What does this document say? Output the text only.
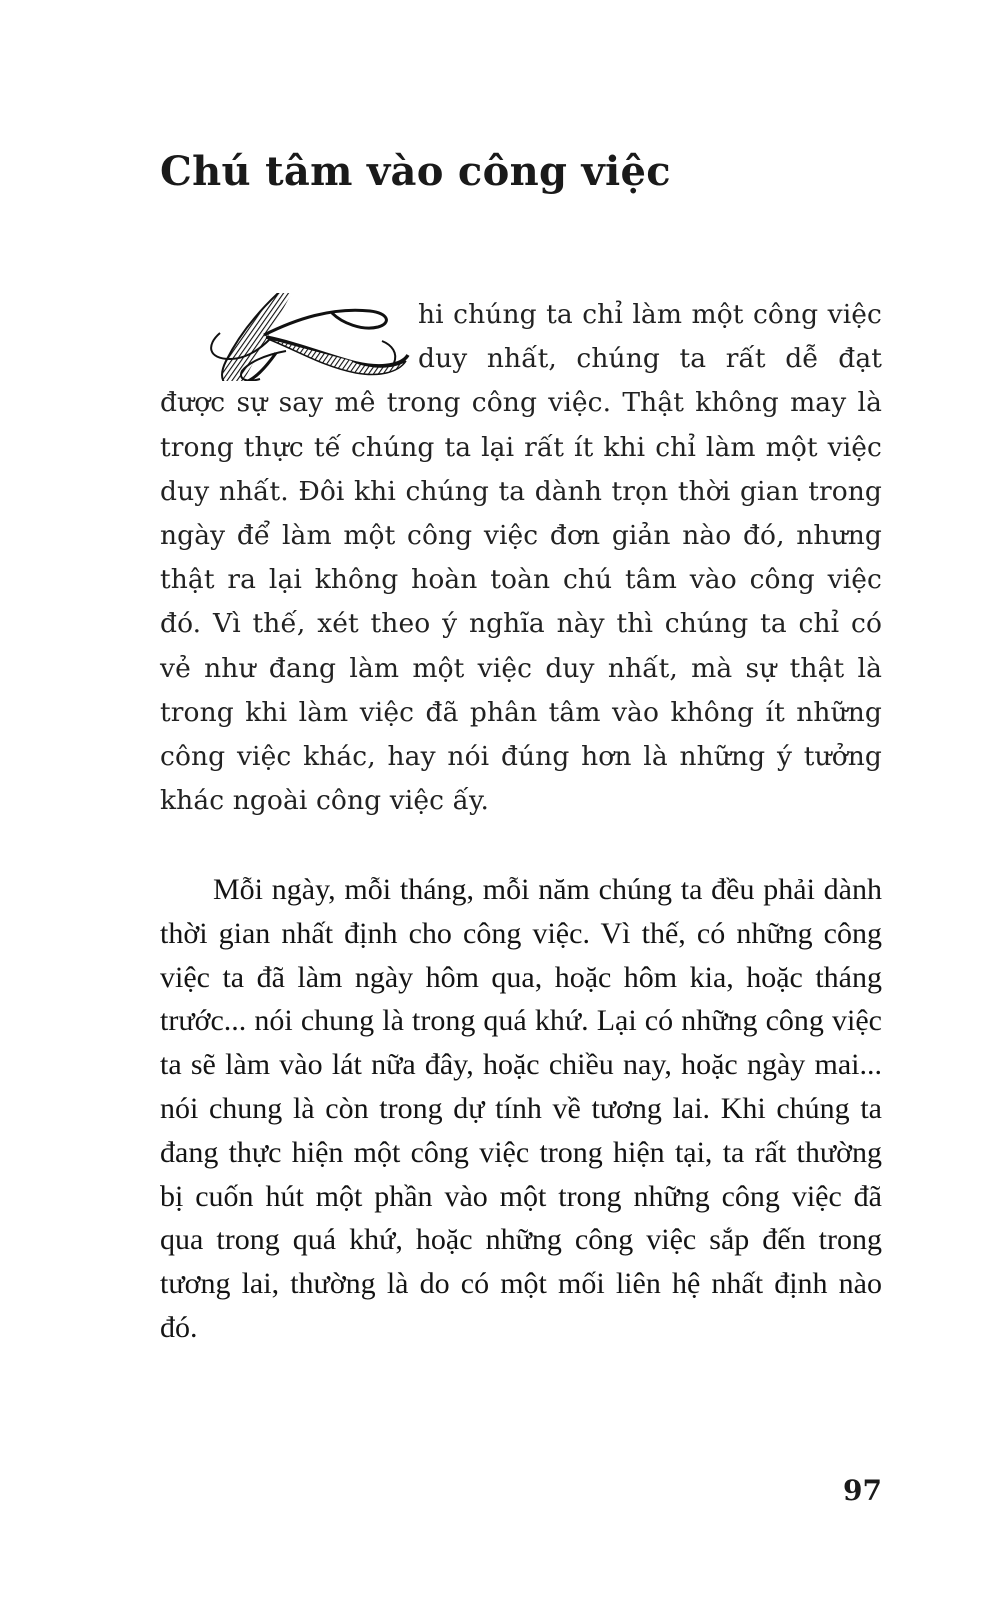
Chú tâm vào công việc

hi chúng ta chỉ làm một công việc duy nhất, chúng ta rất dễ đạt được sự say mê trong công việc. Thật không may là trong thực tế chúng ta lại rất ít khi chỉ làm một việc duy nhất. Đôi khi chúng ta dành trọn thời gian trong ngày để làm một công việc đơn giản nào đó, nhưng thật ra lại không hoàn toàn chú tâm vào công việc đó. Vì thế, xét theo ý nghĩa này thì chúng ta chỉ có vẻ như đang làm một việc duy nhất, mà sự thật là trong khi làm việc đã phân tâm vào không ít những công việc khác, hay nói đúng hơn là những ý tưởng khác ngoài công việc ấy.

Mỗi ngày, mỗi tháng, mỗi năm chúng ta đều phải dành thời gian nhất định cho công việc. Vì thế, có những công việc ta đã làm ngày hôm qua, hoặc hôm kia, hoặc tháng trước... nói chung là trong quá khứ. Lại có những công việc ta sẽ làm vào lát nữa đây, hoặc chiều nay, hoặc ngày mai... nói chung là còn trong dự tính về tương lai. Khi chúng ta đang thực hiện một công việc trong hiện tại, ta rất thường bị cuốn hút một phần vào một trong những công việc đã qua trong quá khứ, hoặc những công việc sắp đến trong tương lai, thường là do có một mối liên hệ nhất định nào đó.

97
